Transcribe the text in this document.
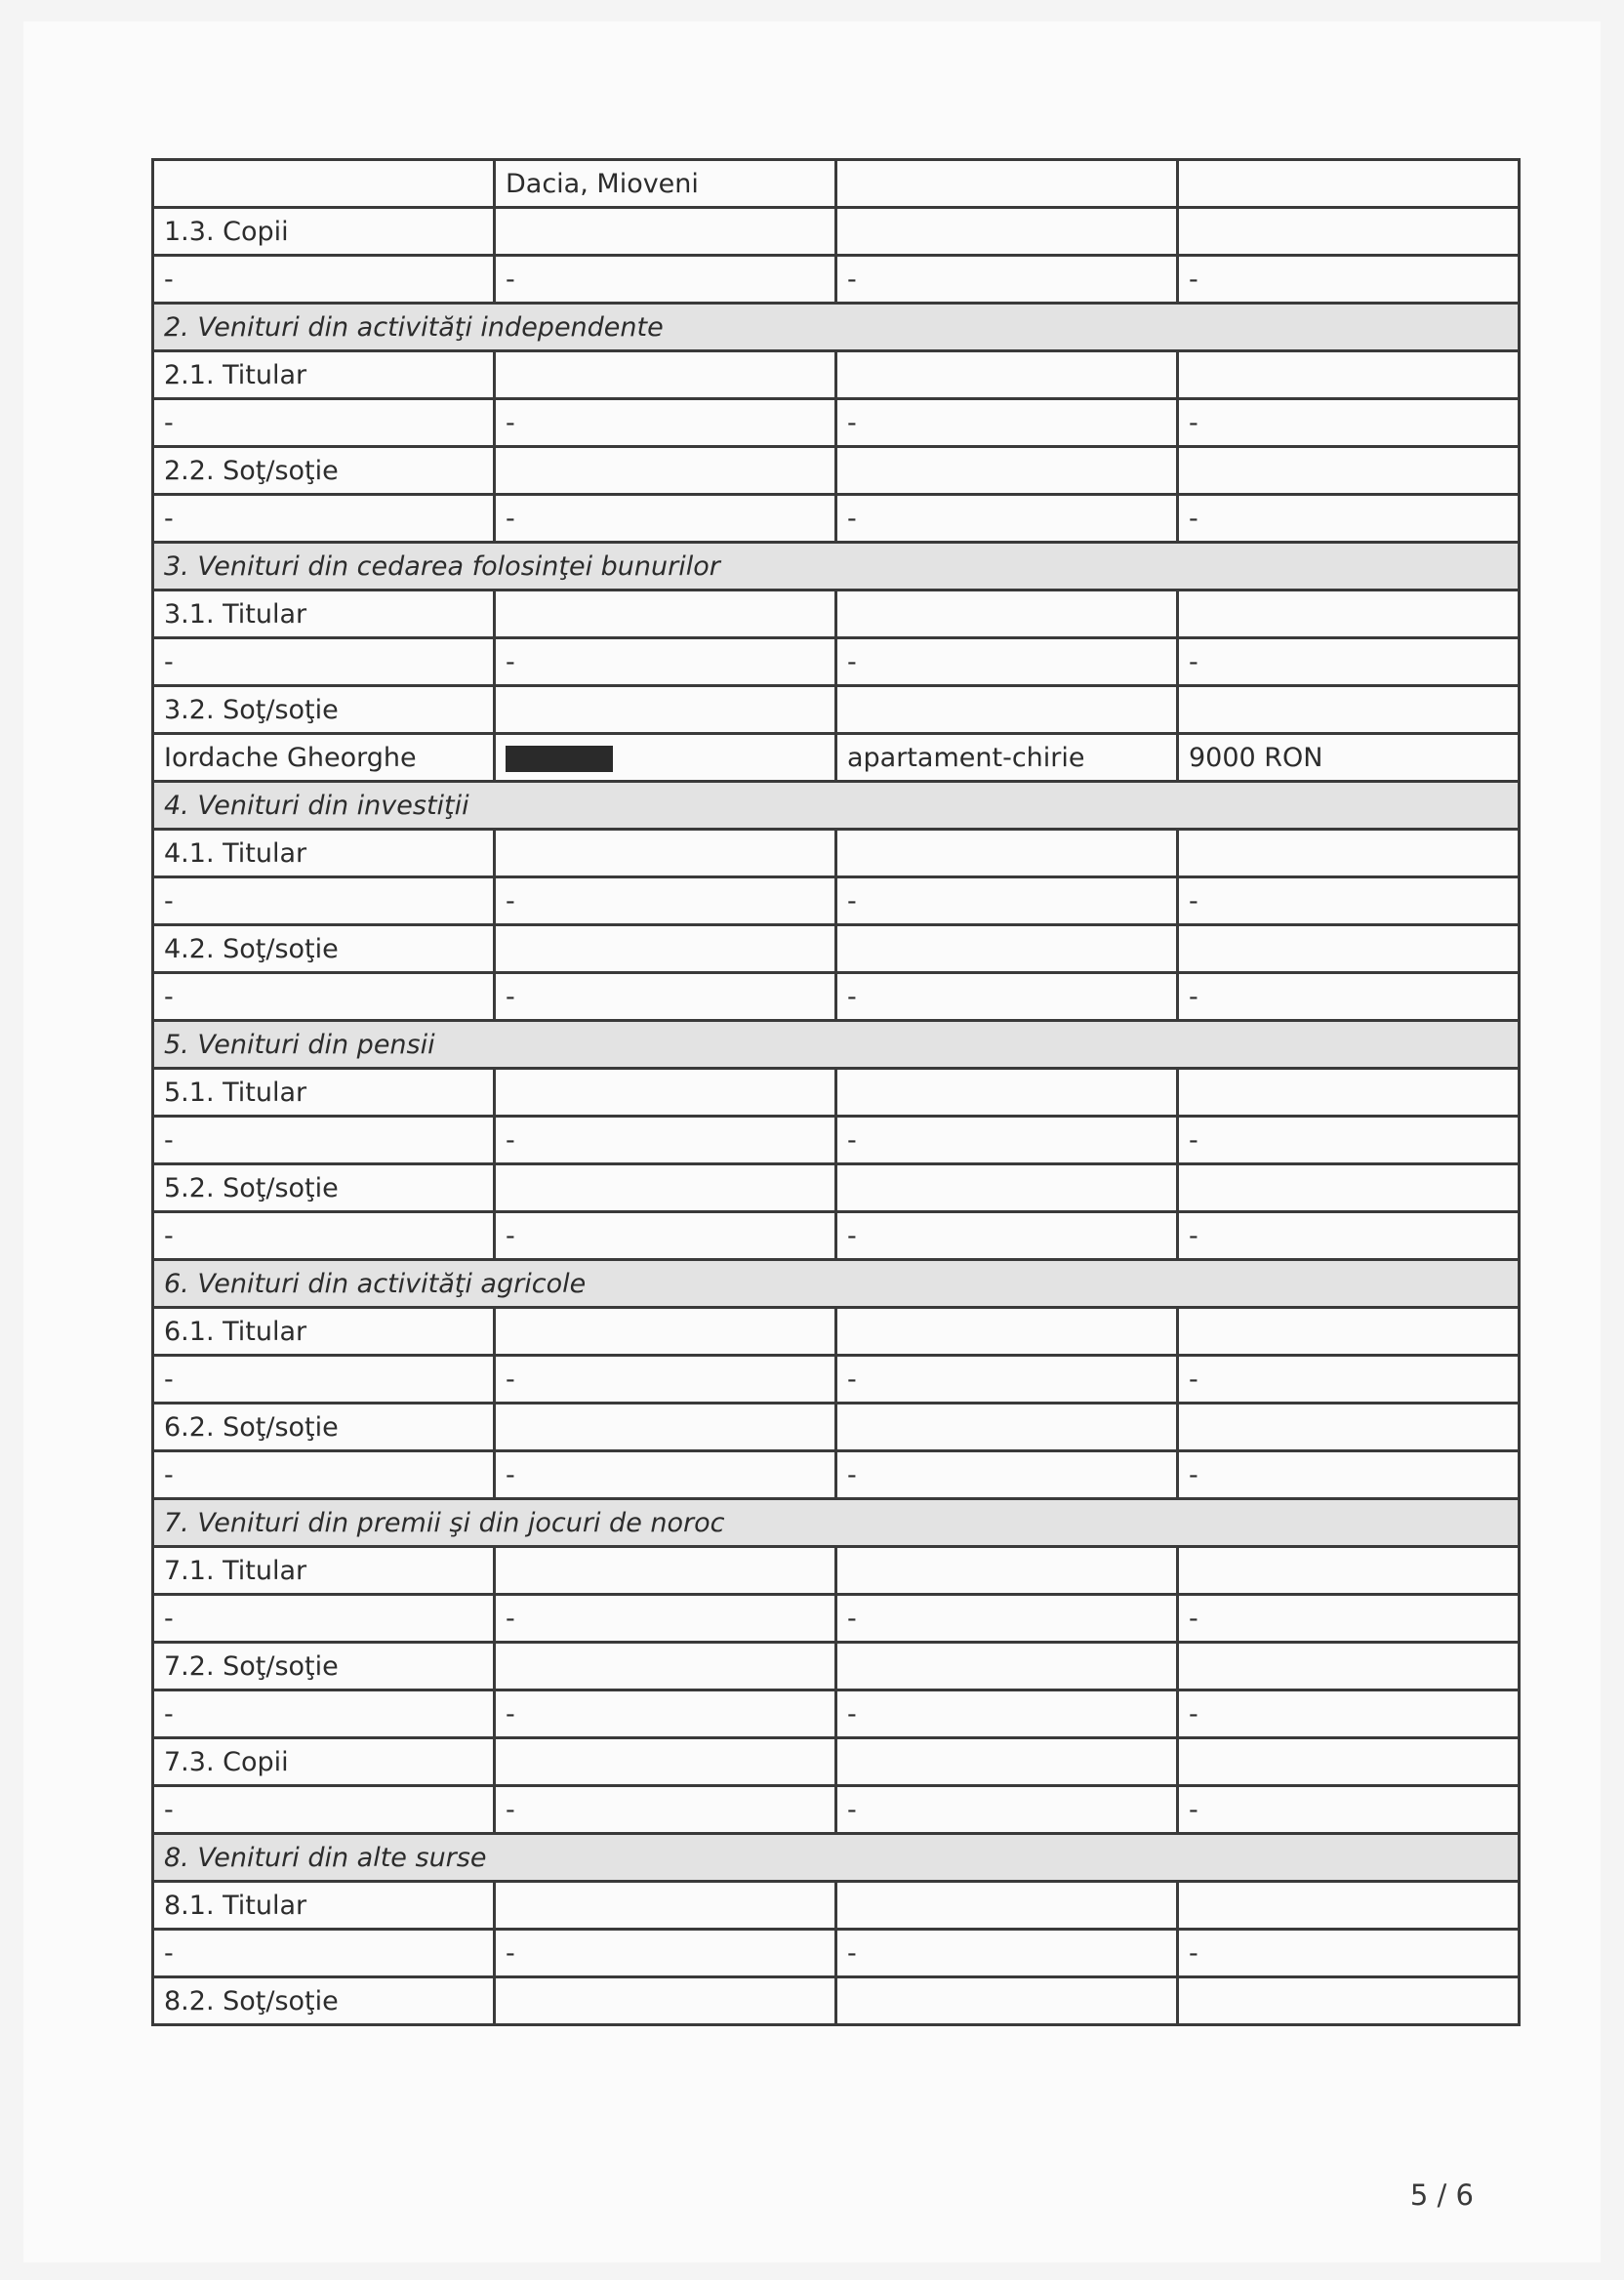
	Dacia, Mioveni		
1.3. Copii			
-	-	-	-
2. Venituri din activităţi independente			
2.1. Titular			
-	-	-	-
2.2. Soţ/soţie			
-	-	-	-
3. Venituri din cedarea folosinţei bunurilor			
3.1. Titular			
-	-	-	-
3.2. Soţ/soţie			
Iordache Gheorghe		apartament-chirie	9000 RON
4. Venituri din investiţii			
4.1. Titular			
-	-	-	-
4.2. Soţ/soţie			
-	-	-	-
5. Venituri din pensii			
5.1. Titular			
-	-	-	-
5.2. Soţ/soţie			
-	-	-	-
6. Venituri din activităţi agricole			
6.1. Titular			
-	-	-	-
6.2. Soţ/soţie			
-	-	-	-
7. Venituri din premii şi din jocuri de noroc			
7.1. Titular			
-	-	-	-
7.2. Soţ/soţie			
-	-	-	-
7.3. Copii			
-	-	-	-
8. Venituri din alte surse			
8.1. Titular			
-	-	-	-
8.2. Soţ/soţie			
5 / 6
